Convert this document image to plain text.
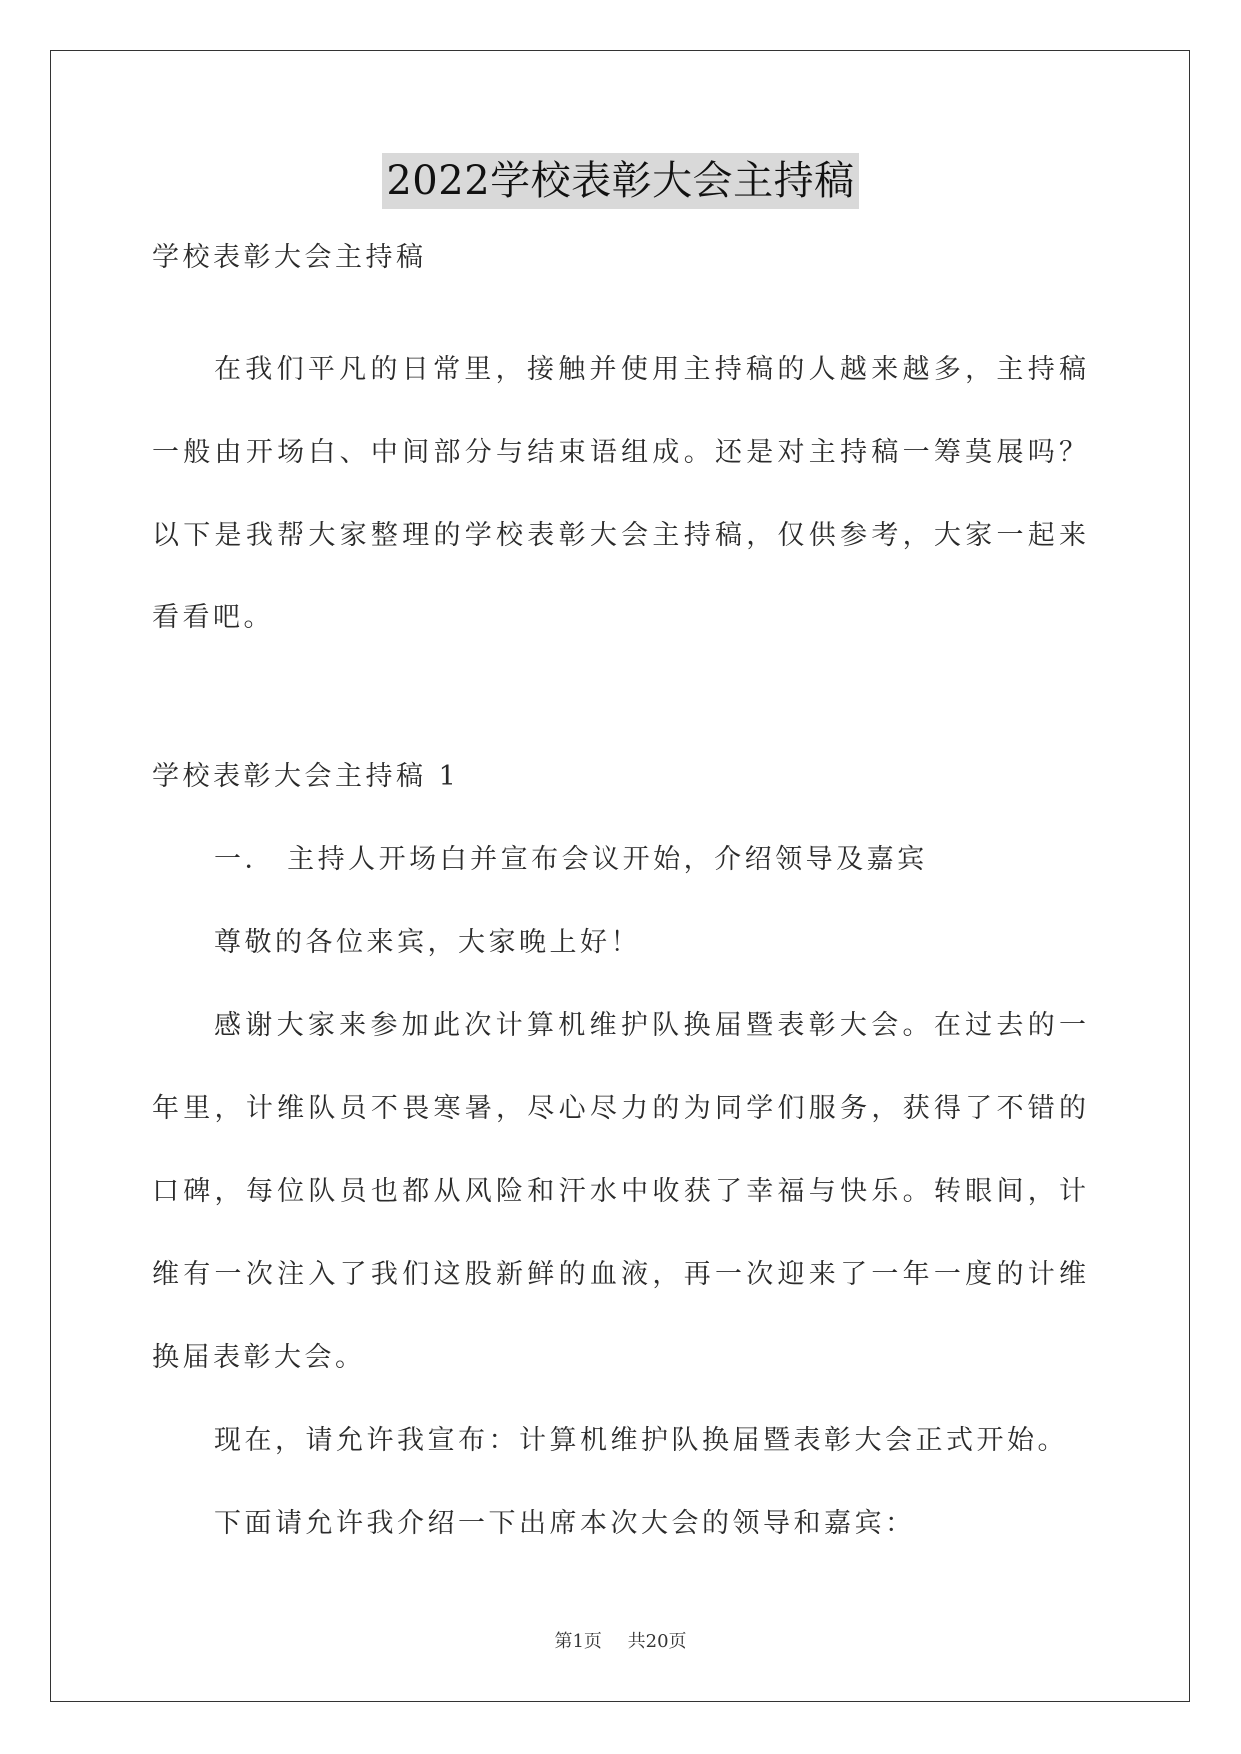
2022学校表彰大会主持稿
学校表彰大会主持稿
在我们平凡的日常里，接触并使用主持稿的人越来越多，主持稿
一般由开场白、中间部分与结束语组成。还是对主持稿一筹莫展吗？
以下是我帮大家整理的学校表彰大会主持稿，仅供参考，大家一起来
看看吧。
学校表彰大会主持稿 1
一． 主持人开场白并宣布会议开始，介绍领导及嘉宾
尊敬的各位来宾，大家晚上好！
感谢大家来参加此次计算机维护队换届暨表彰大会。在过去的一
年里，计维队员不畏寒暑，尽心尽力的为同学们服务，获得了不错的
口碑，每位队员也都从风险和汗水中收获了幸福与快乐。转眼间，计
维有一次注入了我们这股新鲜的血液，再一次迎来了一年一度的计维
换届表彰大会。
现在，请允许我宣布：计算机维护队换届暨表彰大会正式开始。
下面请允许我介绍一下出席本次大会的领导和嘉宾：
第1页 共20页
